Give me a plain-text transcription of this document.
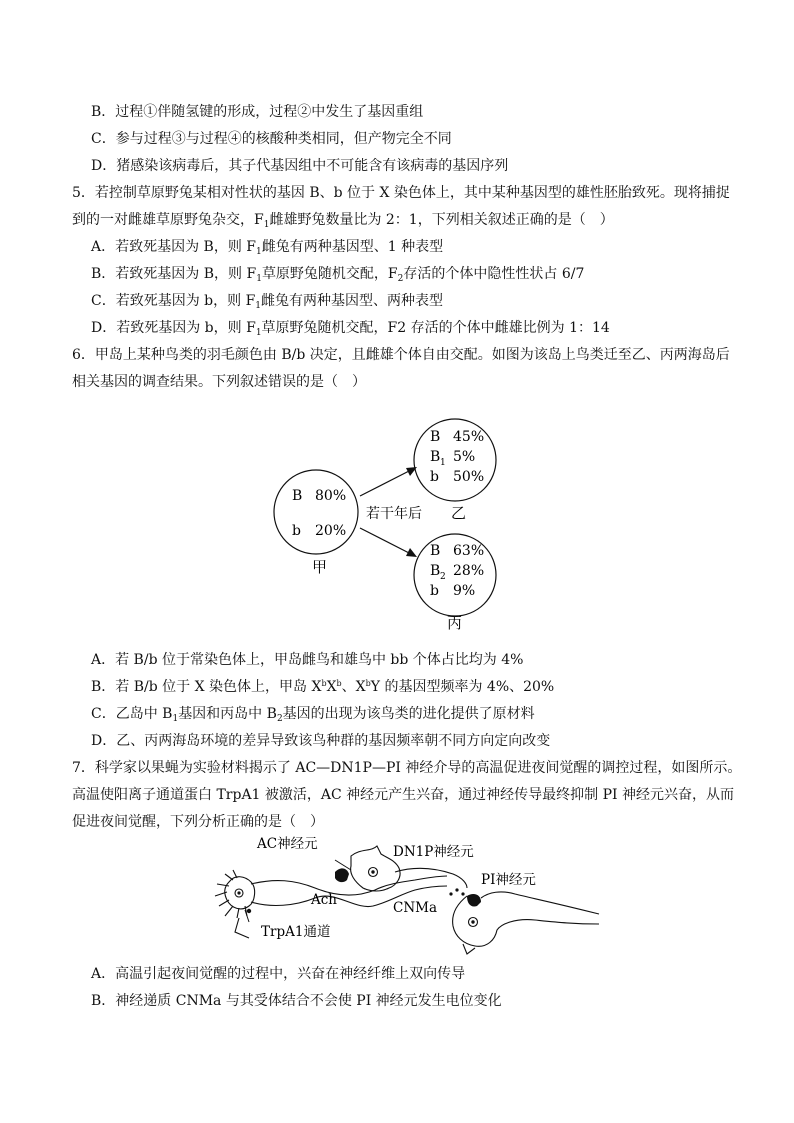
B．过程①伴随氢键的形成，过程②中发生了基因重组
C．参与过程③与过程④的核酸种类相同，但产物完全不同
D．猪感染该病毒后，其子代基因组中不可能含有该病毒的基因序列
5．若控制草原野兔某相对性状的基因 B、b 位于 X 染色体上，其中某种基因型的雄性胚胎致死。现将捕捉
到的一对雌雄草原野兔杂交，$F_1$雌雄野兔数量比为 2：1，下列相关叙述正确的是（　）
A．若致死基因为 B，则 $F_1$雌兔有两种基因型、1 种表型
B．若致死基因为 B，则 $F_1$草原野兔随机交配，$F_2$存活的个体中隐性性状占 6/7
C．若致死基因为 b，则 $F_1$雌兔有两种基因型、两种表型
D．若致死基因为 b，则 $F_1$草原野兔随机交配，F2 存活的个体中雌雄比例为 1：14
6．甲岛上某种鸟类的羽毛颜色由 B/b 决定，且雌雄个体自由交配。如图为该岛上鸟类迁至乙、丙两海岛后
相关基因的调查结果。下列叙述错误的是（　）
B 80%
b 20%
甲
B 45%
B 1 5%
b 50%
乙
B 63%
B 2 28%
b 9%
丙
若干年后
A．若 B/b 位于常染色体上，甲岛雌鸟和雄鸟中 bb 个体占比均为 4%
B．若 B/b 位于 X 染色体上，甲岛 $X^bX^b$、$X^bY$ 的基因型频率为 4%、20%
C．乙岛中 $B_1$基因和丙岛中 $B_2$基因的出现为该鸟类的进化提供了原材料
D．乙、丙两海岛环境的差异导致该鸟种群的基因频率朝不同方向定向改变
7．科学家以果蝇为实验材料揭示了 AC—DN1P—PI 神经介导的高温促进夜间觉醒的调控过程，如图所示。
高温使阳离子通道蛋白 TrpA1 被激活，AC 神经元产生兴奋，通过神经传导最终抑制 PI 神经元兴奋，从而
促进夜间觉醒，下列分析正确的是（　）
AC神经元	DN1P神经元
PI神经元
Ach	CNMa
TrpA1通道
A．高温引起夜间觉醒的过程中，兴奋在神经纤维上双向传导
B．神经递质 CNMa 与其受体结合不会使 PI 神经元发生电位变化
